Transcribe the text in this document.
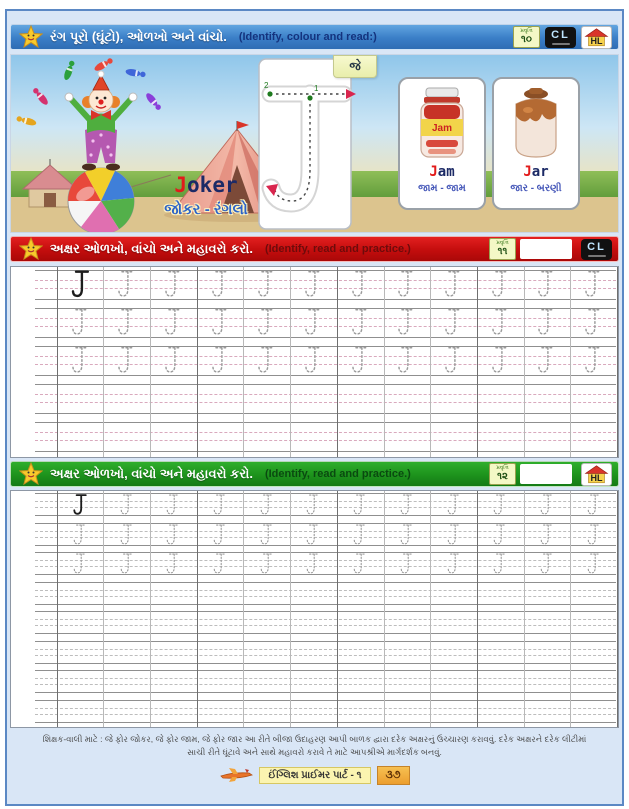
રંગ પૂરો (ઘૂંટો), ઓળખો અને વાંચો. (Identify, colour and read:)	પ્રવૃત્તિ
૧૦ CL HL
Joker
જોકર - રંગલો
2	1
જે
Jam
Jam
જામ - જામ
Jar
જાર - બરણી
અક્ષર ઓળખો, વાંચો અને મહાવરો કરો. (Identify, read and practice.)	પ્રવૃત્તિ
૧૧	CL
અક્ષર ઓળખો, વાંચો અને મહાવરો કરો. (Identify, read and practice.)	પ્રવૃત્તિ
૧૨	HL
શિક્ષક-વાલી માટે : જે ફોર જોકર, જે ફોર જામ, જે ફોર જાર આ રીતે બીજા ઉદાહરણ આપી બાળક દ્વારા દરેક અક્ષરનું ઉચ્ચારણ કરાવવું. દરેક અક્ષરને દરેક લીટીમાં
સાચી રીતે ઘૂંટાવે અને સાથે મહાવરો કરાવે તે માટે આપશ્રીએ માર્ગદર્શક બનવું.
ઈંગ્લિશ પ્રાઈમર પાર્ટ - ૧	૩૭
